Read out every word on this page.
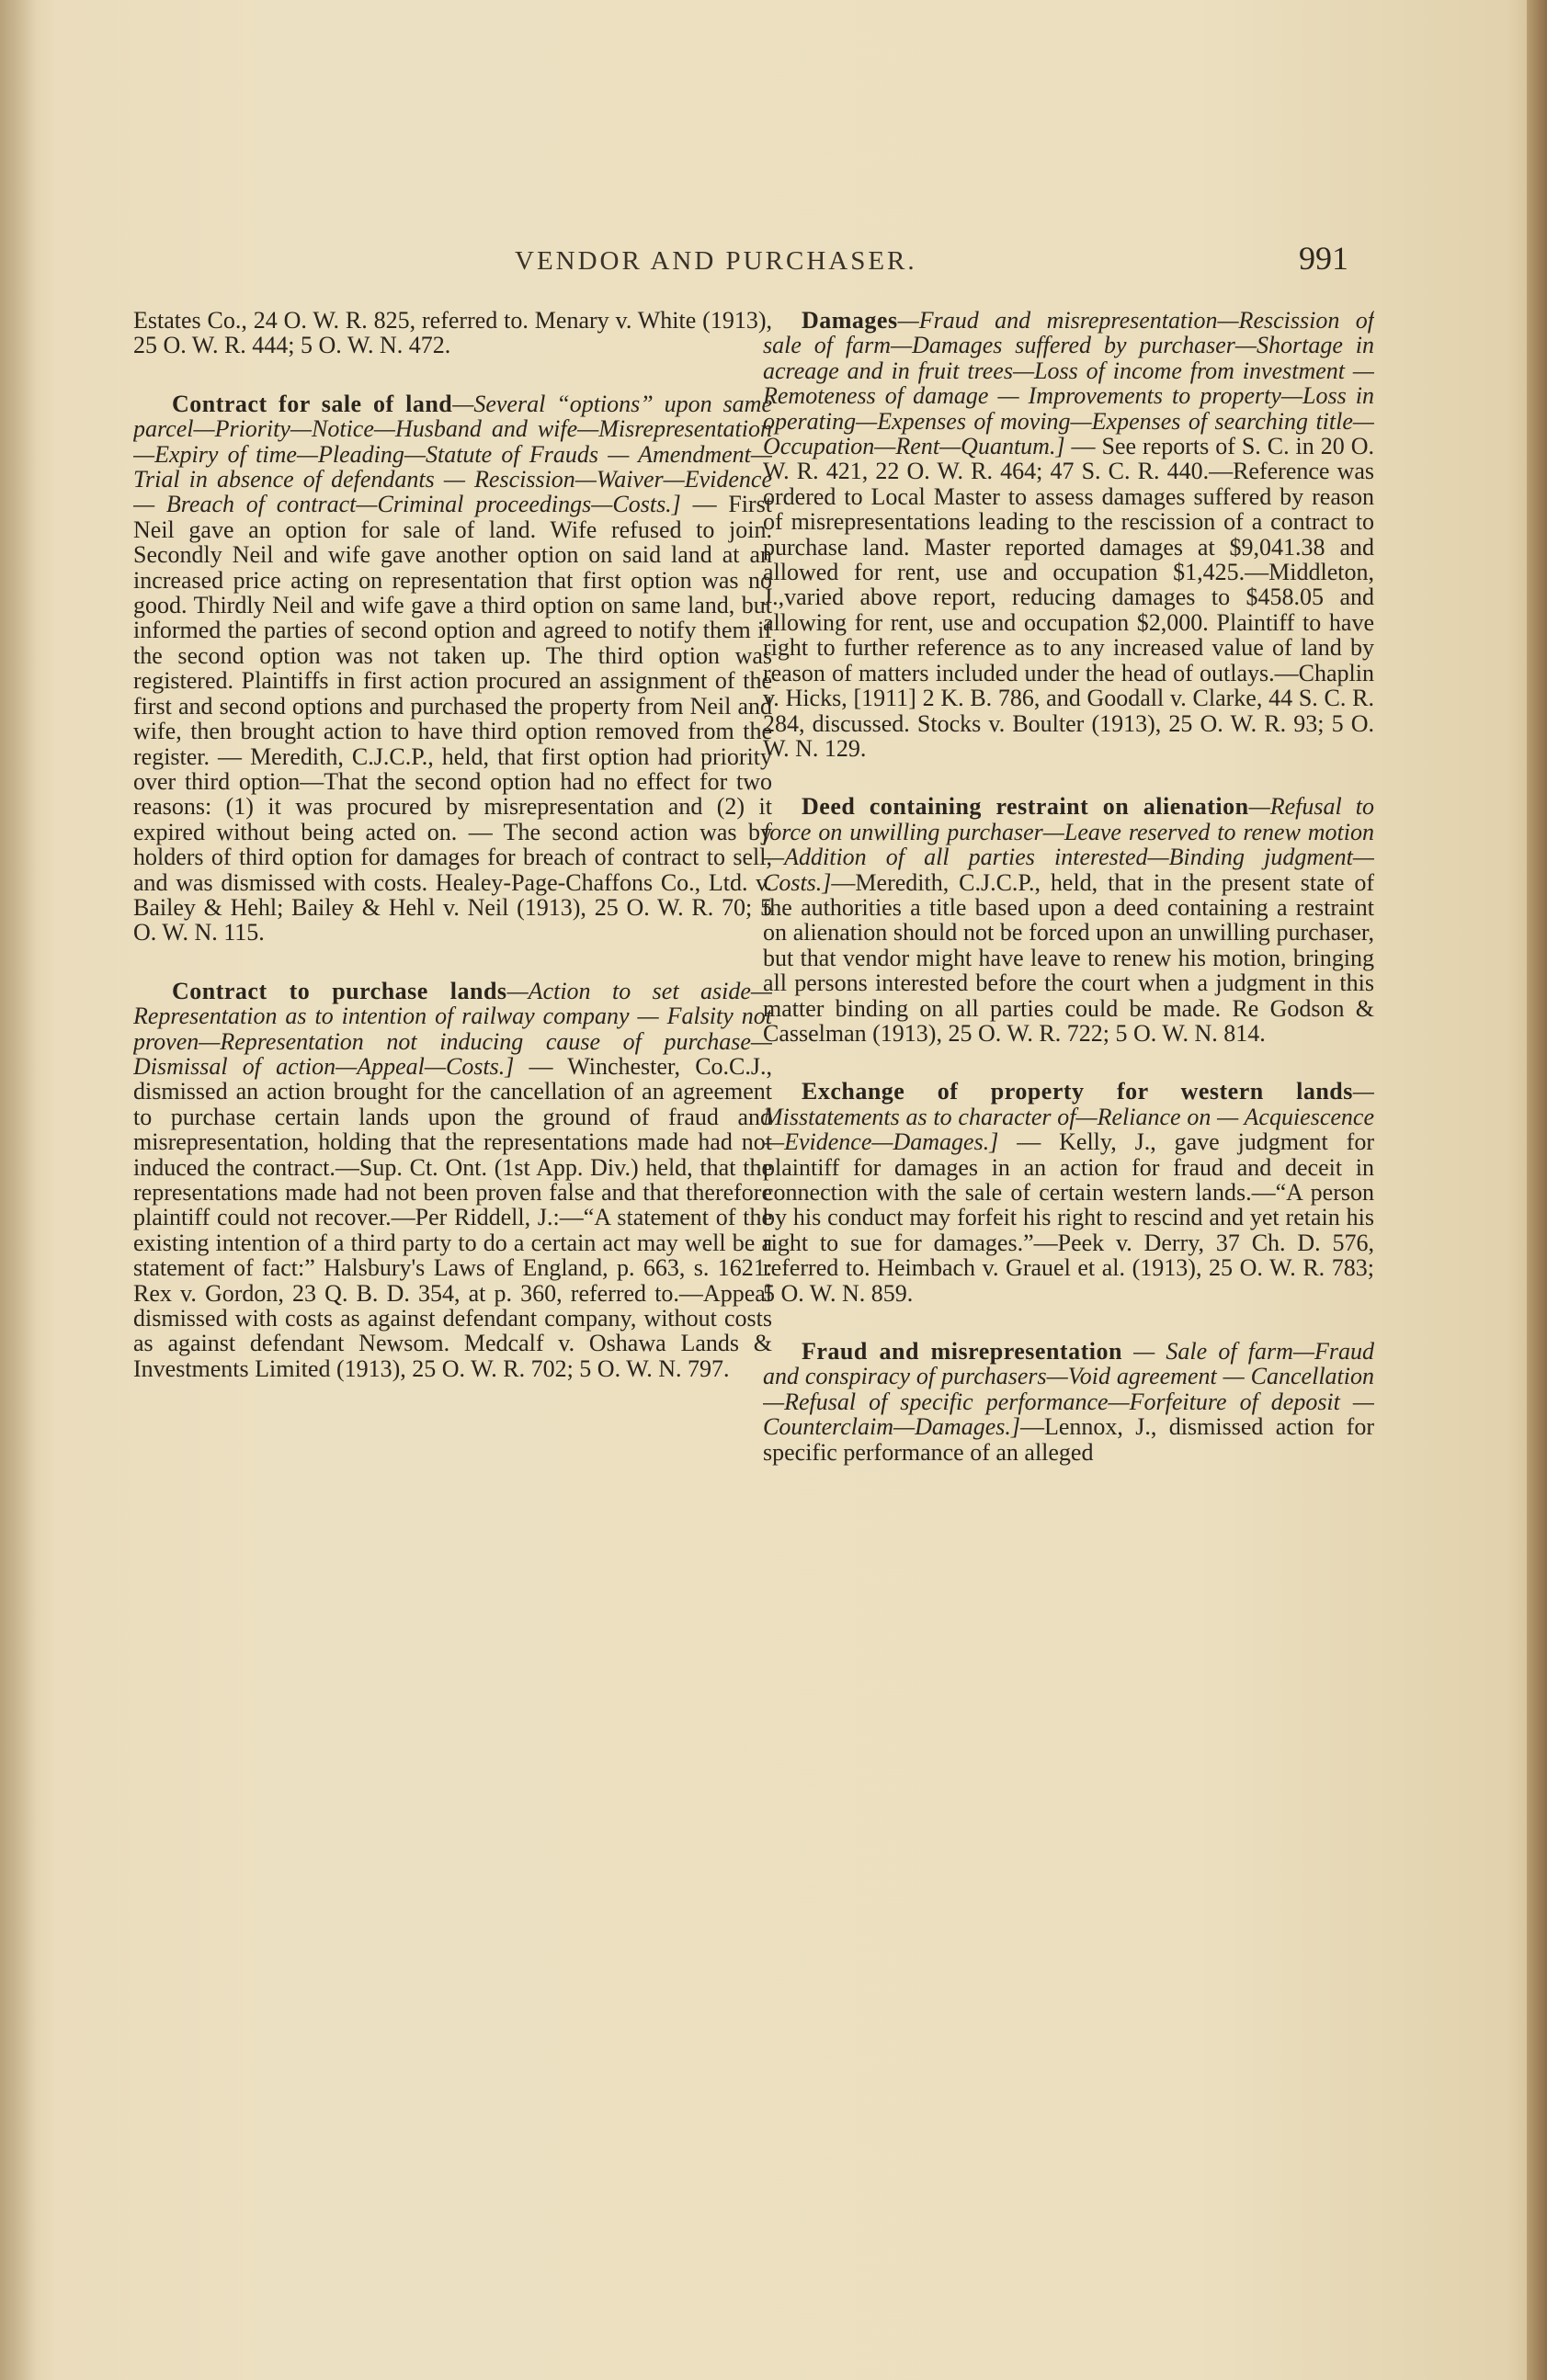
VENDOR AND PURCHASER.	991

Estates Co., 24 O. W. R. 825, referred to. Menary v. White (1913), 25 O. W. R. 444; 5 O. W. N. 472.

Contract for sale of land—Several “options” upon same parcel—Priority—Notice—Husband and wife—Misrepresentation—Expiry of time—Pleading—Statute of Frauds — Amendment—Trial in absence of defendants — Rescission—Waiver—Evidence — Breach of contract—Criminal proceedings—Costs.] — First Neil gave an option for sale of land. Wife refused to join. Secondly Neil and wife gave another option on said land at an increased price acting on representation that first option was no good. Thirdly Neil and wife gave a third option on same land, but informed the parties of second option and agreed to notify them if the second option was not taken up. The third option was registered. Plaintiffs in first action procured an assignment of the first and second options and purchased the property from Neil and wife, then brought action to have third option removed from the register. — Meredith, C.J.C.P., held, that first option had priority over third option—That the second option had no effect for two reasons: (1) it was procured by misrepresentation and (2) it expired without being acted on. — The second action was by holders of third option for damages for breach of contract to sell, and was dismissed with costs. Healey-Page-Chaffons Co., Ltd. v. Bailey & Hehl; Bailey & Hehl v. Neil (1913), 25 O. W. R. 70; 5 O. W. N. 115.

Contract to purchase lands—Action to set aside—Representation as to intention of railway company — Falsity not proven—Representation not inducing cause of purchase—Dismissal of action—Appeal—Costs.] — Winchester, Co.C.J., dismissed an action brought for the cancellation of an agreement to purchase certain lands upon the ground of fraud and misrepresentation, holding that the representations made had not induced the contract.—Sup. Ct. Ont. (1st App. Div.) held, that the representations made had not been proven false and that therefore plaintiff could not recover.—Per Riddell, J.:—“A statement of the existing intention of a third party to do a certain act may well be a statement of fact:” Halsbury's Laws of England, p. 663, s. 1621: Rex v. Gordon, 23 Q. B. D. 354, at p. 360, referred to.—Appeal dismissed with costs as against defendant company, without costs as against defendant Newsom. Medcalf v. Oshawa Lands & Investments Limited (1913), 25 O. W. R. 702; 5 O. W. N. 797.

Damages—Fraud and misrepresentation—Rescission of sale of farm—Damages suffered by purchaser—Shortage in acreage and in fruit trees—Loss of income from investment — Remoteness of damage — Improvements to property—Loss in operating—Expenses of moving—Expenses of searching title—Occupation—Rent—Quantum.] — See reports of S. C. in 20 O. W. R. 421, 22 O. W. R. 464; 47 S. C. R. 440.—Reference was ordered to Local Master to assess damages suffered by reason of misrepresentations leading to the rescission of a contract to purchase land. Master reported damages at $9,041.38 and allowed for rent, use and occupation $1,425.—Middleton, J.,varied above report, reducing damages to $458.05 and allowing for rent, use and occupation $2,000. Plaintiff to have right to further reference as to any increased value of land by reason of matters included under the head of outlays.—Chaplin v. Hicks, [1911] 2 K. B. 786, and Goodall v. Clarke, 44 S. C. R. 284, discussed. Stocks v. Boulter (1913), 25 O. W. R. 93; 5 O. W. N. 129.

Deed containing restraint on alienation—Refusal to force on unwilling purchaser—Leave reserved to renew motion—Addition of all parties interested—Binding judgment—Costs.]—Meredith, C.J.C.P., held, that in the present state of the authorities a title based upon a deed containing a restraint on alienation should not be forced upon an unwilling purchaser, but that vendor might have leave to renew his motion, bringing all persons interested before the court when a judgment in this matter binding on all parties could be made. Re Godson & Casselman (1913), 25 O. W. R. 722; 5 O. W. N. 814.

Exchange of property for western lands—Misstatements as to character of—Reliance on — Acquiescence—Evidence—Damages.] — Kelly, J., gave judgment for plaintiff for damages in an action for fraud and deceit in connection with the sale of certain western lands.—“A person by his conduct may forfeit his right to rescind and yet retain his right to sue for damages.”—Peek v. Derry, 37 Ch. D. 576, referred to. Heimbach v. Grauel et al. (1913), 25 O. W. R. 783; 5 O. W. N. 859.

Fraud and misrepresentation — Sale of farm—Fraud and conspiracy of purchasers—Void agreement — Cancellation—Refusal of specific performance—Forfeiture of deposit — Counterclaim—Damages.]—Lennox, J., dismissed action for specific performance of an alleged
